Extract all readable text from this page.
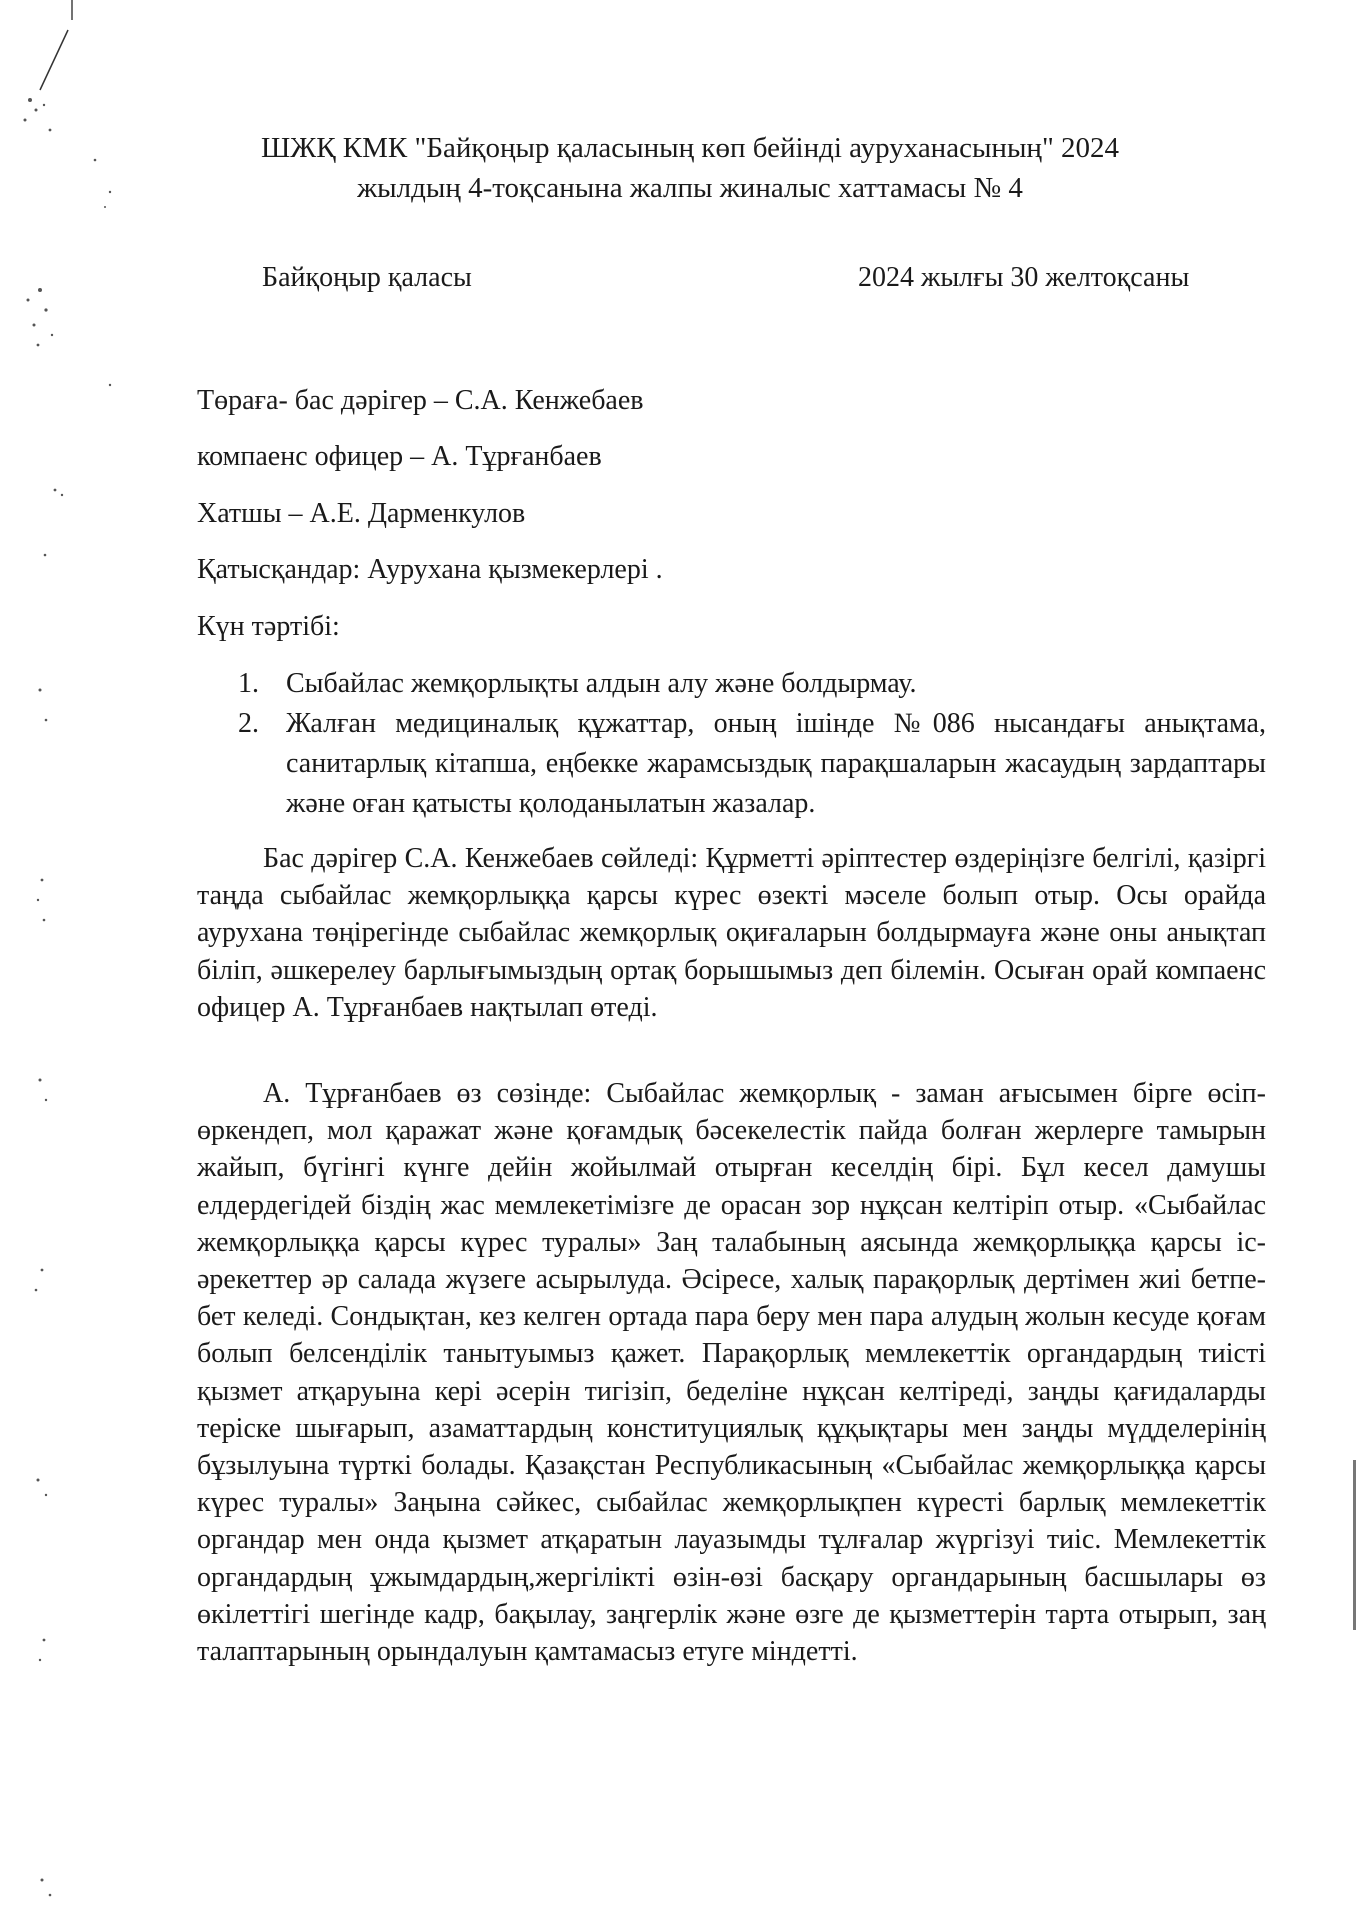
ШЖҚ КМК "Байқоңыр қаласының көп бейінді ауруханасының" 2024
жылдың 4-тоқсанына жалпы жиналыс хаттамасы № 4
Байқоңыр қаласы	2024 жылғы 30 желтоқсаны
Төраға- бас дәрігер – С.А. Кенжебаев
компаенс офицер – А. Тұрғанбаев
Хатшы – А.Е. Дарменкулов
Қатысқандар: Аурухана қызмекерлері .
Күн тәртібі:
1. Сыбайлас жемқорлықты алдын алу және болдырмау.
2. Жалған медициналық құжаттар, оның ішінде №086 нысандағы анықтама, санитарлық кітапша, еңбекке жарамсыздық парақшаларын жасаудың зардаптары және оған қатысты қолоданылатын жазалар.

Бас дәрігер С.А. Кенжебаев сөйледі: Құрметті әріптестер өздеріңізге белгілі, қазіргі таңда сыбайлас жемқорлыққа қарсы күрес өзекті мәселе болып отыр. Осы орайда аурухана төңірегінде сыбайлас жемқорлық оқиғаларын болдырмауға және оны анықтап біліп, әшкерелеу барлығымыздың ортақ борышымыз деп білемін. Осыған орай компаенс офицер А. Тұрғанбаев нақтылап өтеді.

А. Тұрғанбаев өз сөзінде: Сыбайлас жемқорлық - заман ағысымен бірге өсіп-өркендеп, мол қаражат және қоғамдық бәсекелестік пайда болған жерлерге тамырын жайып, бүгінгі күнге дейін жойылмай отырған кеселдің бірі. Бұл кесел дамушы елдердегідей біздің жас мемлекетімізге де орасан зор нұқсан келтіріп отыр. «Сыбайлас жемқорлыққа қарсы күрес туралы» Заң талабының аясында жемқорлыққа қарсы іс-әрекеттер әр салада жүзеге асырылуда. Әсіресе, халық парақорлық дертімен жиі бетпе-бет келеді. Сондықтан, кез келген ортада пара беру мен пара алудың жолын кесуде қоғам болып белсенділік танытуымыз қажет. Парақорлық мемлекеттік органдардың тиісті қызмет атқаруына кері әсерін тигізіп, беделіне нұқсан келтіреді, заңды қағидаларды теріске шығарып, азаматтардың конституциялық құқықтары мен заңды мүдделерінің бұзылуына түрткі болады. Қазақстан Республикасының «Сыбайлас жемқорлыққа қарсы күрес туралы» Заңына сәйкес, сыбайлас жемқорлықпен күресті барлық мемлекеттік органдар мен онда қызмет атқаратын лауазымды тұлғалар жүргізуі тиіс. Мемлекеттік органдардың ұжымдардың,жергілікті өзін-өзі басқару органдарының басшылары өз өкілеттігі шегінде кадр, бақылау, заңгерлік және өзге де қызметтерін тарта отырып, заң талаптарының орындалуын қамтамасыз етуге міндетті.
